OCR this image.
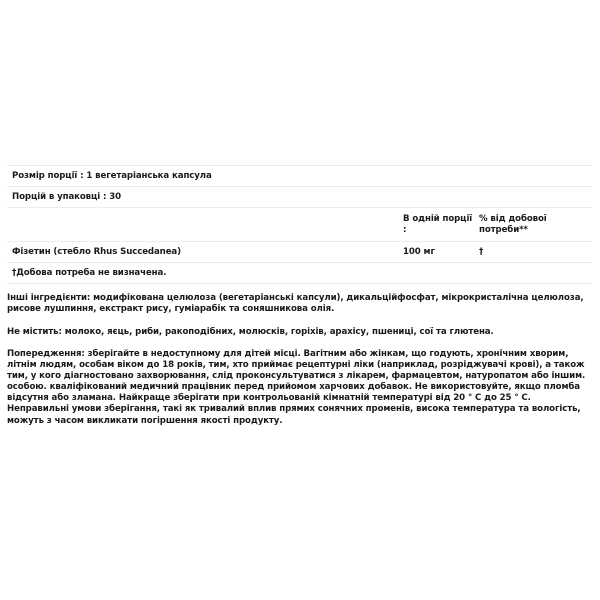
Розмір порції : 1 вегетаріанська капсула
Порцій в упаковці : 30
В одній порції :
% від добової потреби**
Фізетин (стебло Rhus Succedanea)	100 мг	†
†Добова потреба не визначена.
Інші інгредієнти: модифікована целюлоза (вегетаріанські капсули), дикальційфосфат, мікрокристалічна целюлоза, рисове лушпиння, екстракт рису, гуміарабік та соняшникова олія.
Не містить: молоко, яєць, риби, ракоподібних, молюсків, горіхів, арахісу, пшениці, сої та глютена.
Попередження: зберігайте в недоступному для дітей місці. Вагітним або жінкам, що годують, хронічним хворим, літнім людям, особам віком до 18 років, тим, хто приймає рецептурні ліки (наприклад, розріджувачі крові), а також тим, у кого діагностовано захворювання, слід проконсультуватися з лікарем, фармацевтом, натуропатом або іншим. особою. кваліфікований медичний працівник перед прийомом харчових добавок. Не використовуйте, якщо пломба відсутня або зламана. Найкраще зберігати при контрольованій кімнатній температурі від 20 ° C до 25 ° C. Неправильні умови зберігання, такі як тривалий вплив прямих сонячних променів, висока температура та вологість, можуть з часом викликати погіршення якості продукту.
